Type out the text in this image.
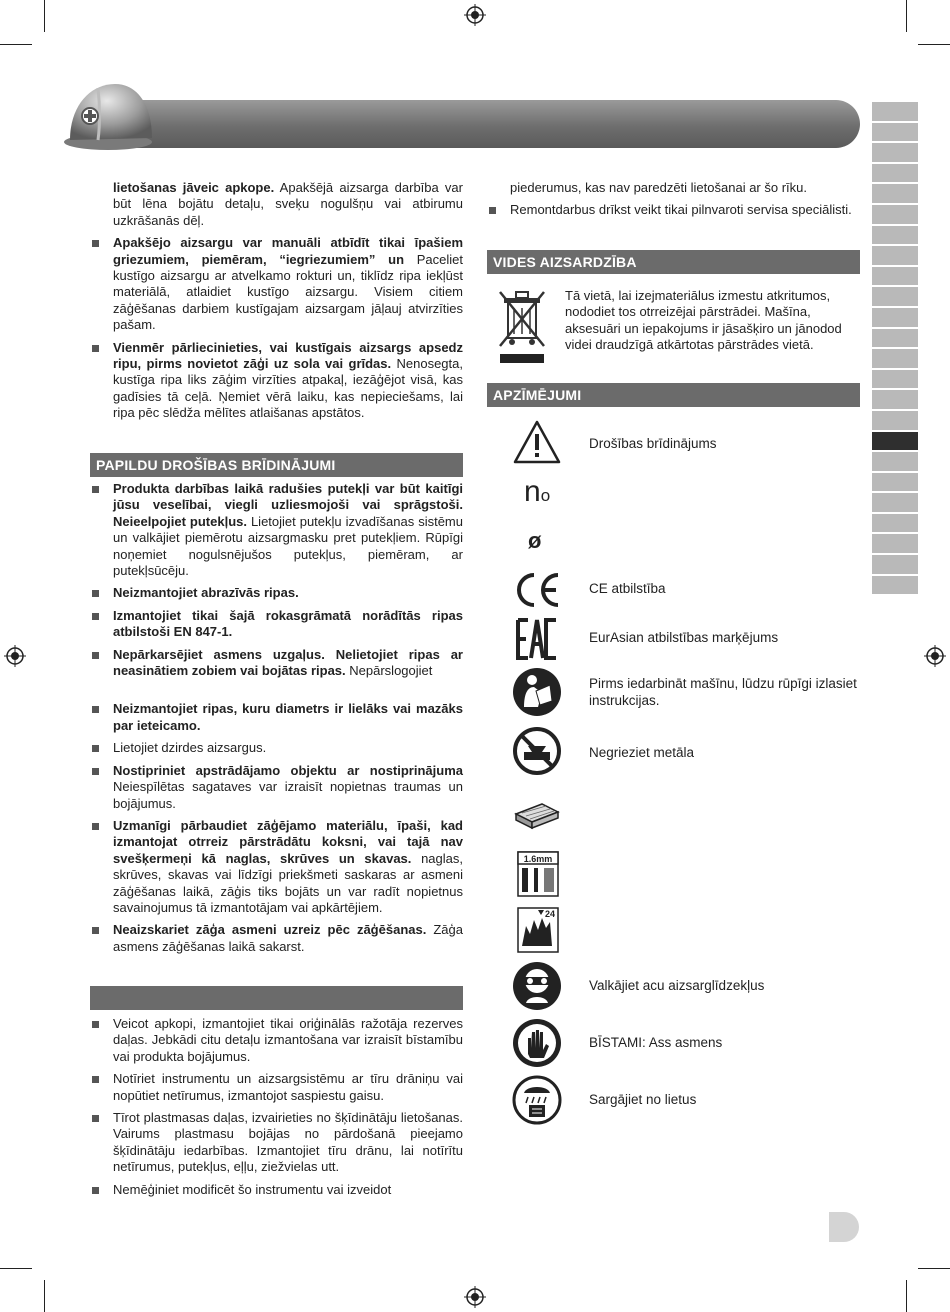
lietošanas jāveic apkope. Apakšējā aizsarga darbība var būt lēna bojātu detaļu, sveķu nogulšņu vai atbirumu uzkrāšanās dēļ.

Apakšējo aizsargu var manuāli atbīdīt tikai īpašiem griezumiem, piemēram, “iegriezumiem” un Paceliet kustīgo aizsargu ar atvelkamo rokturi un, tiklīdz ripa iekļūst materiālā, atlaidiet kustīgo aizsargu. Visiem citiem zāģēšanas darbiem kustīgajam aizsargam jāļauj atvirzīties pašam.
Vienmēr pārliecinieties, vai kustīgais aizsargs apsedz ripu, pirms novietot zāģi uz sola vai grīdas. Nenosegta, kustīga ripa liks zāģim virzīties atpakaļ, iezāģējot visā, kas gadīsies tā ceļā. Ņemiet vērā laiku, kas nepieciešams, lai ripa pēc slēdža mēlītes atlaišanas apstātos.
PAPILDU DROŠĪBAS BRĪDINĀJUMI
Produkta darbības laikā radušies putekļi var būt kaitīgi jūsu veselībai, viegli uzliesmojoši vai sprāgstoši. Neieelpojiet putekļus. Lietojiet putekļu izvadīšanas sistēmu un valkājiet piemērotu aizsargmasku pret putekļiem. Rūpīgi noņemiet nogulsnējušos putekļus, piemēram, ar putekļsūcēju.
Neizmantojiet abrazīvās ripas.
Izmantojiet tikai šajā rokasgrāmatā norādītās ripas atbilstoši EN 847-1.
Nepārkarsējiet asmens uzgaļus. Nelietojiet ripas ar neasinātiem zobiem vai bojātas ripas. Nepārslogojiet
Neizmantojiet ripas, kuru diametrs ir lielāks vai mazāks par ieteicamo.
Lietojiet dzirdes aizsargus.
Nostipriniet apstrādājamo objektu ar nostiprinājuma Neiespīlētas sagataves var izraisīt nopietnas traumas un bojājumus.
Uzmanīgi pārbaudiet zāģējamo materiālu, īpaši, kad izmantojat otrreiz pārstrādātu koksni, vai tajā nav svešķermeņi kā naglas, skrūves un skavas. naglas, skrūves, skavas vai līdzīgi priekšmeti saskaras ar asmeni zāģēšanas laikā, zāģis tiks bojāts un var radīt nopietnus savainojumus tā izmantotājam vai apkārtējiem.
Neaizskariet zāģa asmeni uzreiz pēc zāģēšanas. Zāģa asmens zāģēšanas laikā sakarst.
Veicot apkopi, izmantojiet tikai oriģinālās ražotāja rezerves daļas. Jebkādi citu detaļu izmantošana var izraisīt bīstamību vai produkta bojājumus.
Notīriet instrumentu un aizsargsistēmu ar tīru drāniņu vai nopūtiet netīrumus, izmantojot saspiestu gaisu.
Tīrot plastmasas daļas, izvairieties no šķīdinātāju lietošanas. Vairums plastmasu bojājas no pārdošanā pieejamo šķīdinātāju iedarbības. Izmantojiet tīru drānu, lai notīrītu netīrumus, putekļus, eļļu, ziežvielas utt.
Nemēģiniet modificēt šo instrumentu vai izveidot

piederumus, kas nav paredzēti lietošanai ar šo rīku.

Remontdarbus drīkst veikt tikai pilnvaroti servisa speciālisti.
VIDES AIZSARDZĪBA
Tā vietā, lai izejmateriālus izmestu atkritumos, nododiet tos otrreizējai pārstrādei. Mašīna, aksesuāri un iepakojums ir jāsašķiro un jānodod videi draudzīgā atkārtotas pārstrādes vietā.
APZĪMĒJUMI
Drošības brīdinājums
no
ø
CE atbilstība
EurAsian atbilstības marķējums
Pirms iedarbināt mašīnu, lūdzu rūpīgi izlasiet instrukcijas.
Negrieziet metāla
1.6mm
24
Valkājiet acu aizsarglīdzekļus
BĪSTAMI: Ass asmens
Sargājiet no lietus
